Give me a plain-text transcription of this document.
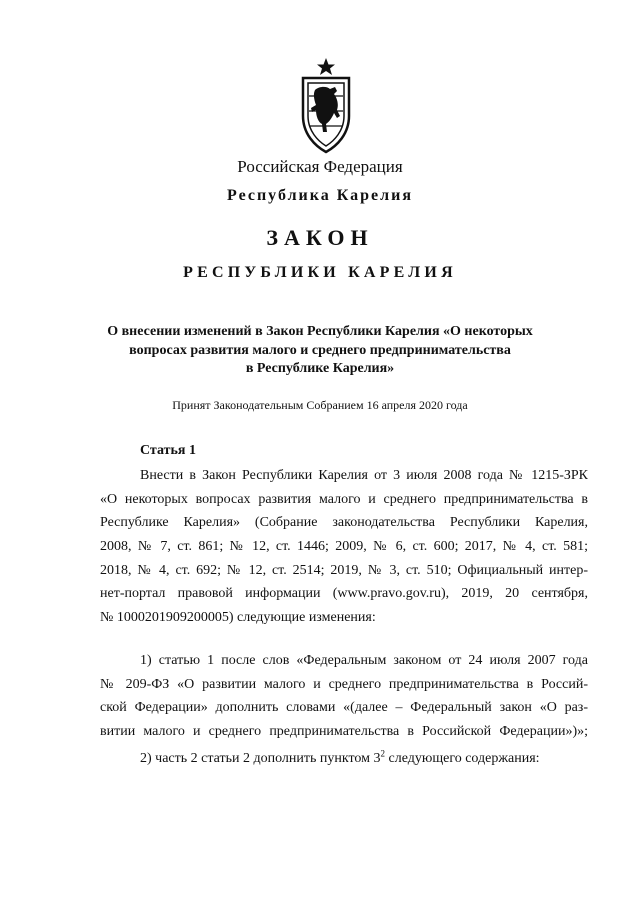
Российская Федерация
Республика Карелия
ЗАКОН
РЕСПУБЛИКИ КАРЕЛИЯ
О внесении изменений в Закон Республики Карелия «О некоторых
вопросах развития малого и среднего предпринимательства
в Республике Карелия»
Принят Законодательным Собранием 16 апреля 2020 года
Статья 1
Внести в Закон Республики Карелия от 3 июля 2008 года № 1215-ЗРК
«О некоторых вопросах развития малого и среднего предпринимательства в
Республике Карелия» (Собрание законодательства Республики Карелия,
2008, № 7, ст. 861; № 12, ст. 1446; 2009, № 6, ст. 600; 2017, № 4, ст. 581;
2018, № 4, ст. 692; № 12, ст. 2514; 2019, № 3, ст. 510; Официальный интер-
нет-портал правовой информации (www.pravo.gov.ru), 2019, 20 сентября,
№ 1000201909200005) следующие изменения:
1) статью 1 после слов «Федеральным законом от 24 июля 2007 года
№ 209-ФЗ «О развитии малого и среднего предпринимательства в Россий-
ской Федерации» дополнить словами «(далее – Федеральный закон «О раз-
витии малого и среднего предпринимательства в Российской Федерации»)»;
2) часть 2 статьи 2 дополнить пунктом $3^2$ следующего содержания:
